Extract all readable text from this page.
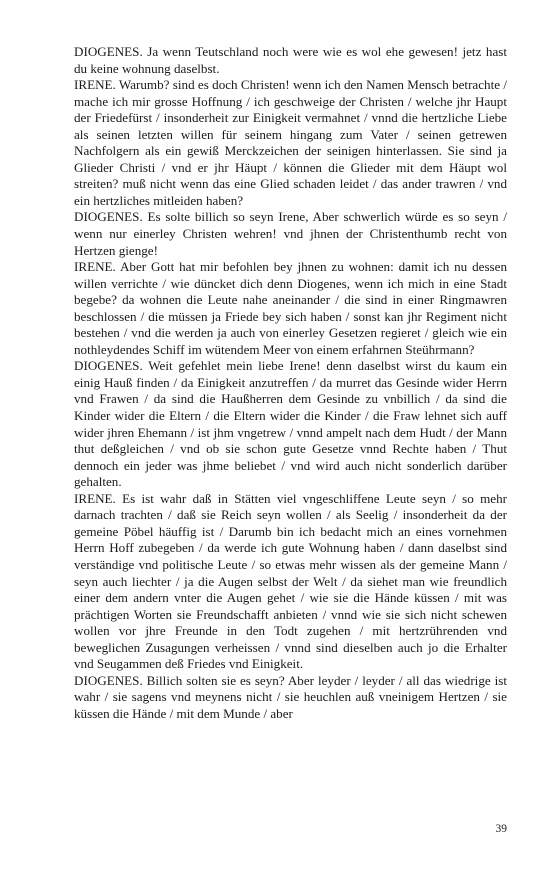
DIOGENES. Ja wenn Teutschland noch were wie es wol ehe gewesen! jetz hast du keine wohnung daselbst.

IRENE. Warumb? sind es doch Christen! wenn ich den Namen Mensch betrachte / mache ich mir grosse Hoffnung / ich geschweige der Christen / welche jhr Haupt der Friedefürst / insonderheit zur Einigkeit vermahnet / vnnd die hertzliche Liebe als seinen letzten willen für seinem hingang zum Vater / seinen getrewen Nachfolgern als ein gewiß Merckzeichen der seinigen hinterlassen. Sie sind ja Glieder Christi / vnd er jhr Häupt / können die Glieder mit dem Häupt wol streiten? muß nicht wenn das eine Glied schaden leidet / das ander trawren / vnd ein hertzliches mitleiden haben?

DIOGENES. Es solte billich so seyn Irene, Aber schwerlich würde es so seyn / wenn nur einerley Christen wehren! vnd jhnen der Christenthumb recht von Hertzen gienge!

IRENE. Aber Gott hat mir befohlen bey jhnen zu wohnen: damit ich nu dessen willen verrichte / wie düncket dich denn Diogenes, wenn ich mich in eine Stadt begebe? da wohnen die Leute nahe aneinander / die sind in einer Ringmawren beschlossen / die müssen ja Friede bey sich haben / sonst kan jhr Regiment nicht bestehen / vnd die werden ja auch von einerley Gesetzen regieret / gleich wie ein nothleydendes Schiff im wütendem Meer von einem erfahrnen Steührmann?

DIOGENES. Weit gefehlet mein liebe Irene! denn daselbst wirst du kaum ein einig Hauß finden / da Einigkeit anzutreffen / da murret das Gesinde wider Herrn vnd Frawen / da sind die Haußherren dem Gesinde zu vnbillich / da sind die Kinder wider die Eltern / die Eltern wider die Kinder / die Fraw lehnet sich auff wider jhren Ehemann / ist jhm vngetrew / vnnd ampelt nach dem Hudt / der Mann thut deßgleichen / vnd ob sie schon gute Gesetze vnnd Rechte haben / Thut dennoch ein jeder was jhme beliebet / vnd wird auch nicht sonderlich darüber gehalten.

IRENE. Es ist wahr daß in Stätten viel vngeschliffene Leute seyn / so mehr darnach trachten / daß sie Reich seyn wollen / als Seelig / insonderheit da der gemeine Pöbel häuffig ist / Darumb bin ich bedacht mich an eines vornehmen Herrn Hoff zubegeben / da werde ich gute Wohnung haben / dann daselbst sind verständige vnd politische Leute / so etwas mehr wissen als der gemeine Mann / seyn auch liechter / ja die Augen selbst der Welt / da siehet man wie freundlich einer dem andern vnter die Augen gehet / wie sie die Hände küssen / mit was prächtigen Worten sie Freundschafft anbieten / vnnd wie sie sich nicht schewen wollen vor jhre Freunde in den Todt zugehen / mit hertzrührenden vnd beweglichen Zusagungen verheissen / vnnd sind dieselben auch jo die Erhalter vnd Seugammen deß Friedes vnd Einigkeit.

DIOGENES. Billich solten sie es seyn? Aber leyder / leyder / all das wiedrige ist wahr / sie sagens vnd meynens nicht / sie heuchlen auß vneinigem Hertzen / sie küssen die Hände / mit dem Munde / aber

39
